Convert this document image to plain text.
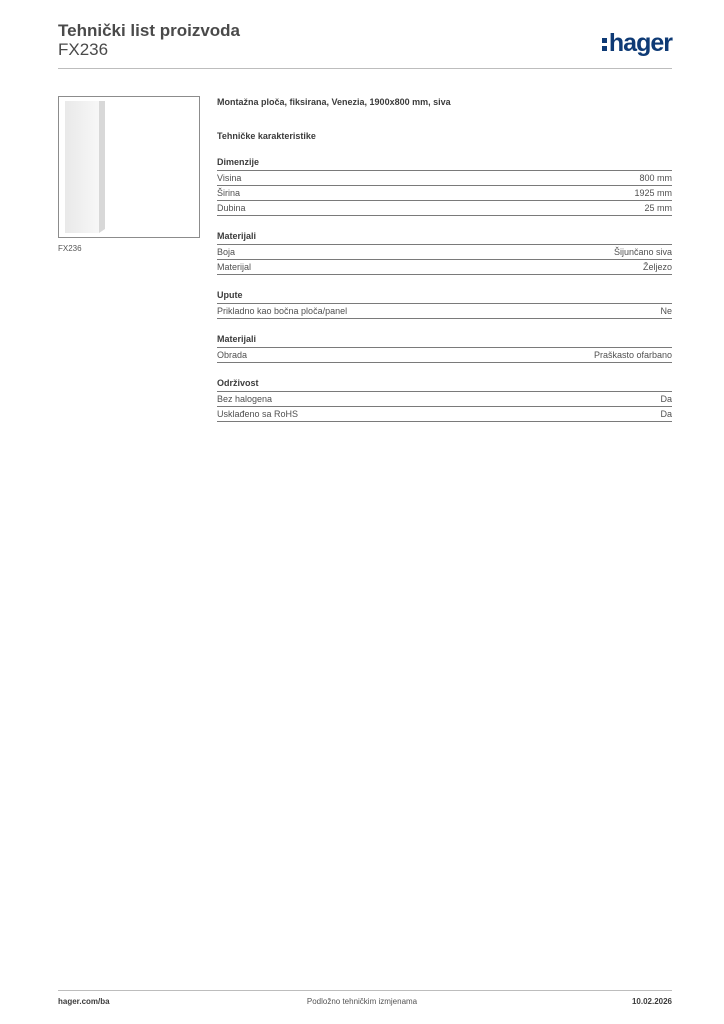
Tehnički list proizvoda
FX236	hager
FX236
Montažna ploča, fiksirana, Venezia, 1900x800 mm, siva
Tehničke karakteristike
Dimenzije
Visina	800 mm
Širina	1925 mm
Dubina	25 mm
Materijali
Boja	Šijunčano siva
Materijal	Željezo
Upute
Prikladno kao bočna ploča/panel	Ne
Materijali
Obrada	Praškasto ofarbano
Održivost
Bez halogena	Da
Usklađeno sa RoHS	Da
hager.com/ba	Podložno tehničkim izmjenama	10.02.2026
